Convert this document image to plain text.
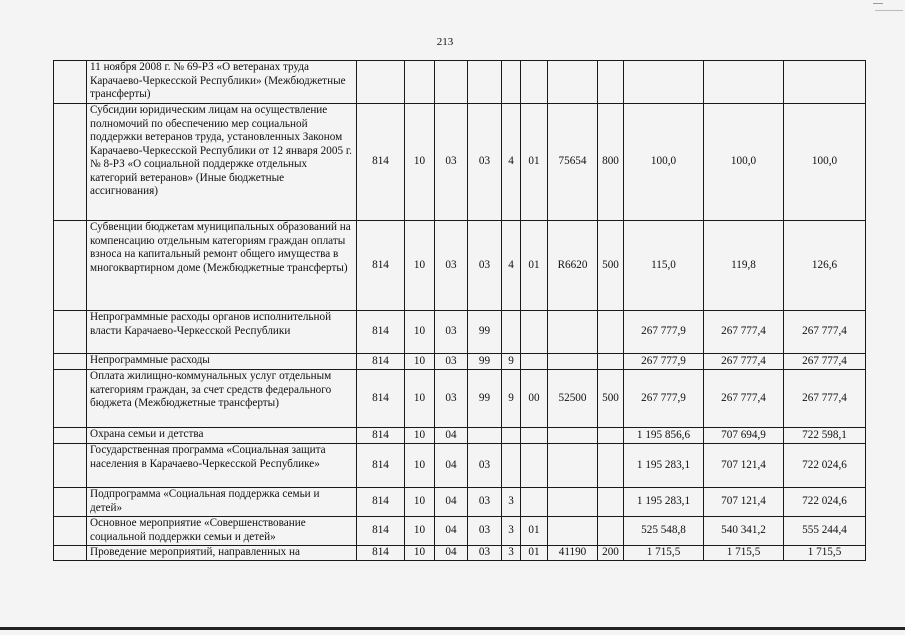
213
	11 ноября 2008 г. № 69-РЗ «О ветеранах труда Карачаево-Черкесской Республики» (Межбюджетные трансферты)											
	Субсидии юридическим лицам на осуществление полномочий по обеспечению мер социальной поддержки ветеранов труда, установленных Законом Карачаево-Черкесской Республики от 12 января 2005 г. № 8-РЗ «О социальной поддержке отдельных категорий ветеранов» (Иные бюджетные ассигнования)	814	10	03	03	4	01	75654	800	100,0	100,0	100,0
	Субвенции бюджетам муниципальных образований на компенсацию отдельным категориям граждан оплаты взноса на капитальный ремонт общего имущества в многоквартирном доме (Межбюджетные трансферты)	814	10	03	03	4	01	R6620	500	115,0	119,8	126,6
	Непрограммные расходы органов исполнительной власти Карачаево-Черкесской Республики	814	10	03	99					267 777,9	267 777,4	267 777,4
	Непрограммные расходы	814	10	03	99	9				267 777,9	267 777,4	267 777,4
	Оплата жилищно-коммунальных услуг отдельным категориям граждан, за счет средств федерального бюджета (Межбюджетные трансферты)	814	10	03	99	9	00	52500	500	267 777,9	267 777,4	267 777,4
	Охрана семьи и детства	814	10	04						1 195 856,6	707 694,9	722 598,1
	Государственная программа «Социальная защита населения в Карачаево-Черкесской Республике»	814	10	04	03					1 195 283,1	707 121,4	722 024,6
	Подпрограмма «Социальная поддержка семьи и детей»	814	10	04	03	3				1 195 283,1	707 121,4	722 024,6
	Основное мероприятие «Совершенствование социальной поддержки семьи и детей»	814	10	04	03	3	01			525 548,8	540 341,2	555 244,4
	Проведение мероприятий, направленных на	814	10	04	03	3	01	41190	200	1 715,5	1 715,5	1 715,5
